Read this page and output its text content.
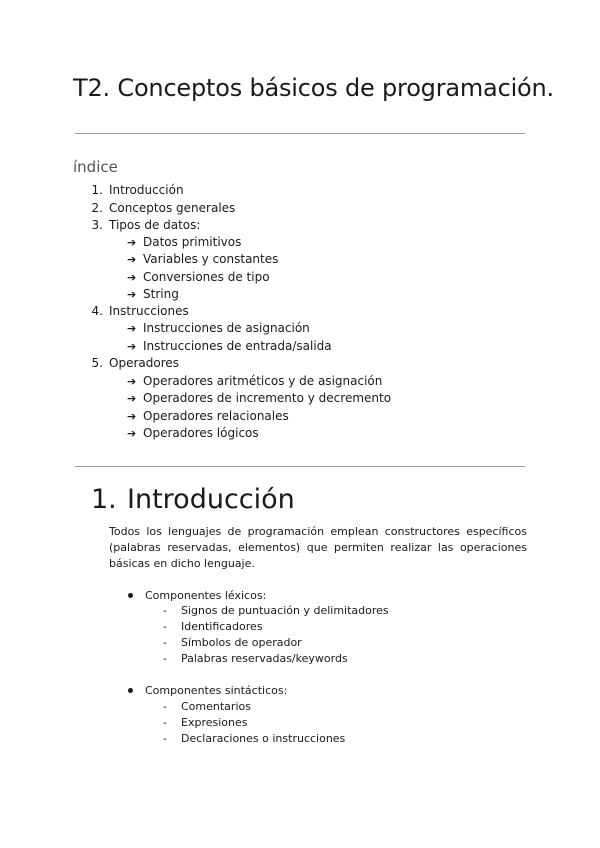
T2. Conceptos básicos de programación.
índice
1. Introducción
2. Conceptos generales
3. Tipos de datos:
➔ Datos primitivos
➔ Variables y constantes
➔ Conversiones de tipo
➔ String
4. Instrucciones
➔ Instrucciones de asignación
➔ Instrucciones de entrada/salida
5. Operadores
➔ Operadores aritméticos y de asignación
➔ Operadores de incremento y decremento
➔ Operadores relacionales
➔ Operadores lógicos
1. Introducción

Todos los lenguajes de programación emplean constructores específicos (palabras reservadas, elementos) que permiten realizar las operaciones básicas en dicho lenguaje.

Componentes léxicos:
- Signos de puntuación y delimitadores
- Identificadores
- Símbolos de operador
- Palabras reservadas/keywords
Componentes sintácticos:
- Comentarios
- Expresiones
- Declaraciones o instrucciones
